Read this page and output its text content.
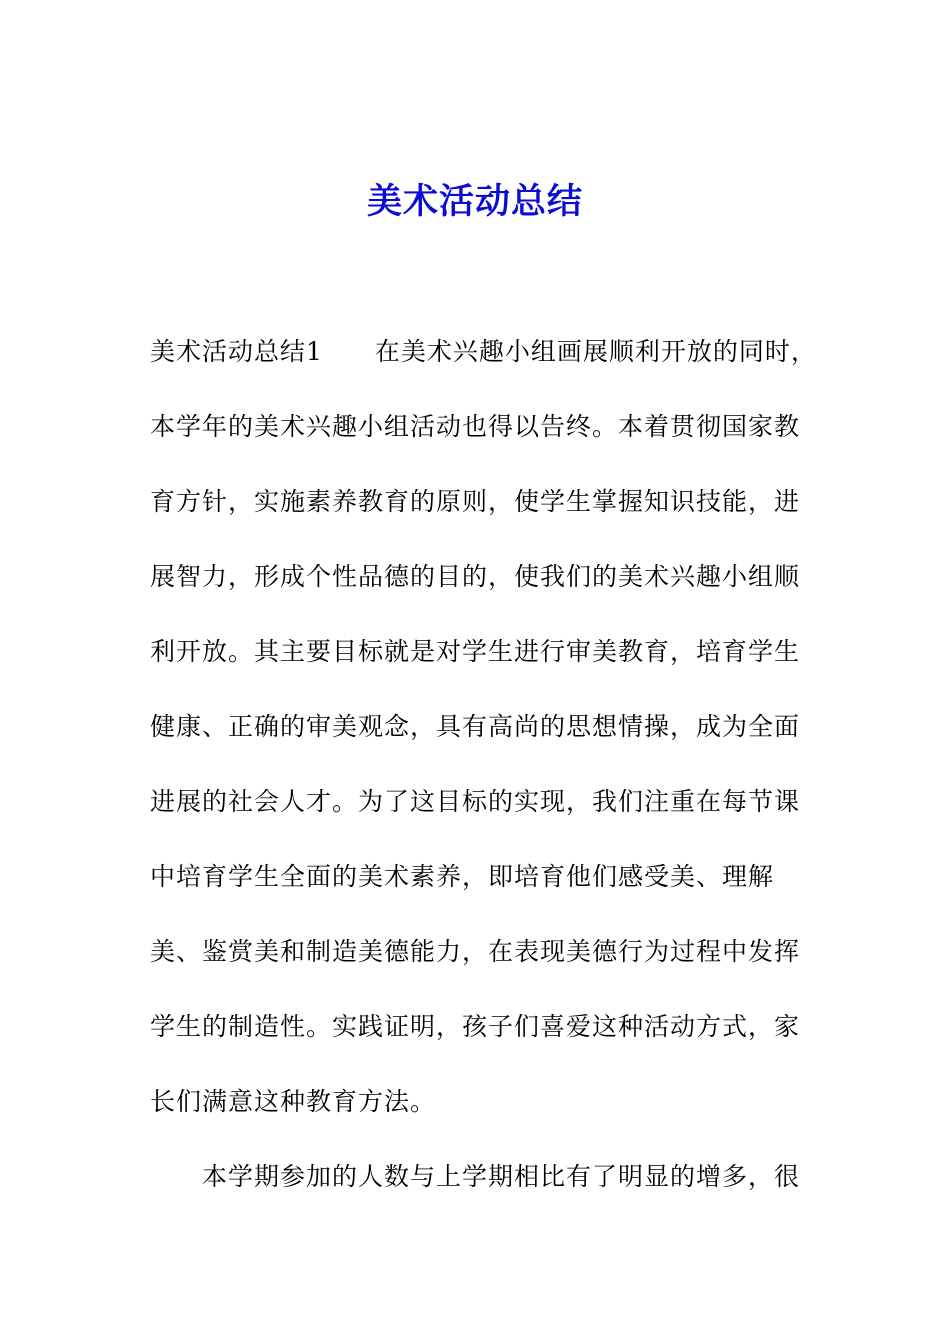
美术活动总结
美术活动总结1 在美术兴趣小组画展顺利开放的同时，
本学年的美术兴趣小组活动也得以告终。本着贯彻国家教
育方针，实施素养教育的原则，使学生掌握知识技能，进
展智力，形成个性品德的目的，使我们的美术兴趣小组顺
利开放。其主要目标就是对学生进行审美教育，培育学生
健康、正确的审美观念，具有高尚的思想情操，成为全面
进展的社会人才。为了这目标的实现，我们注重在每节课
中培育学生全面的美术素养，即培育他们感受美、理解
美、鉴赏美和制造美德能力，在表现美德行为过程中发挥
学生的制造性。实践证明，孩子们喜爱这种活动方式，家
长们满意这种教育方法。
本学期参加的人数与上学期相比有了明显的增多，很
